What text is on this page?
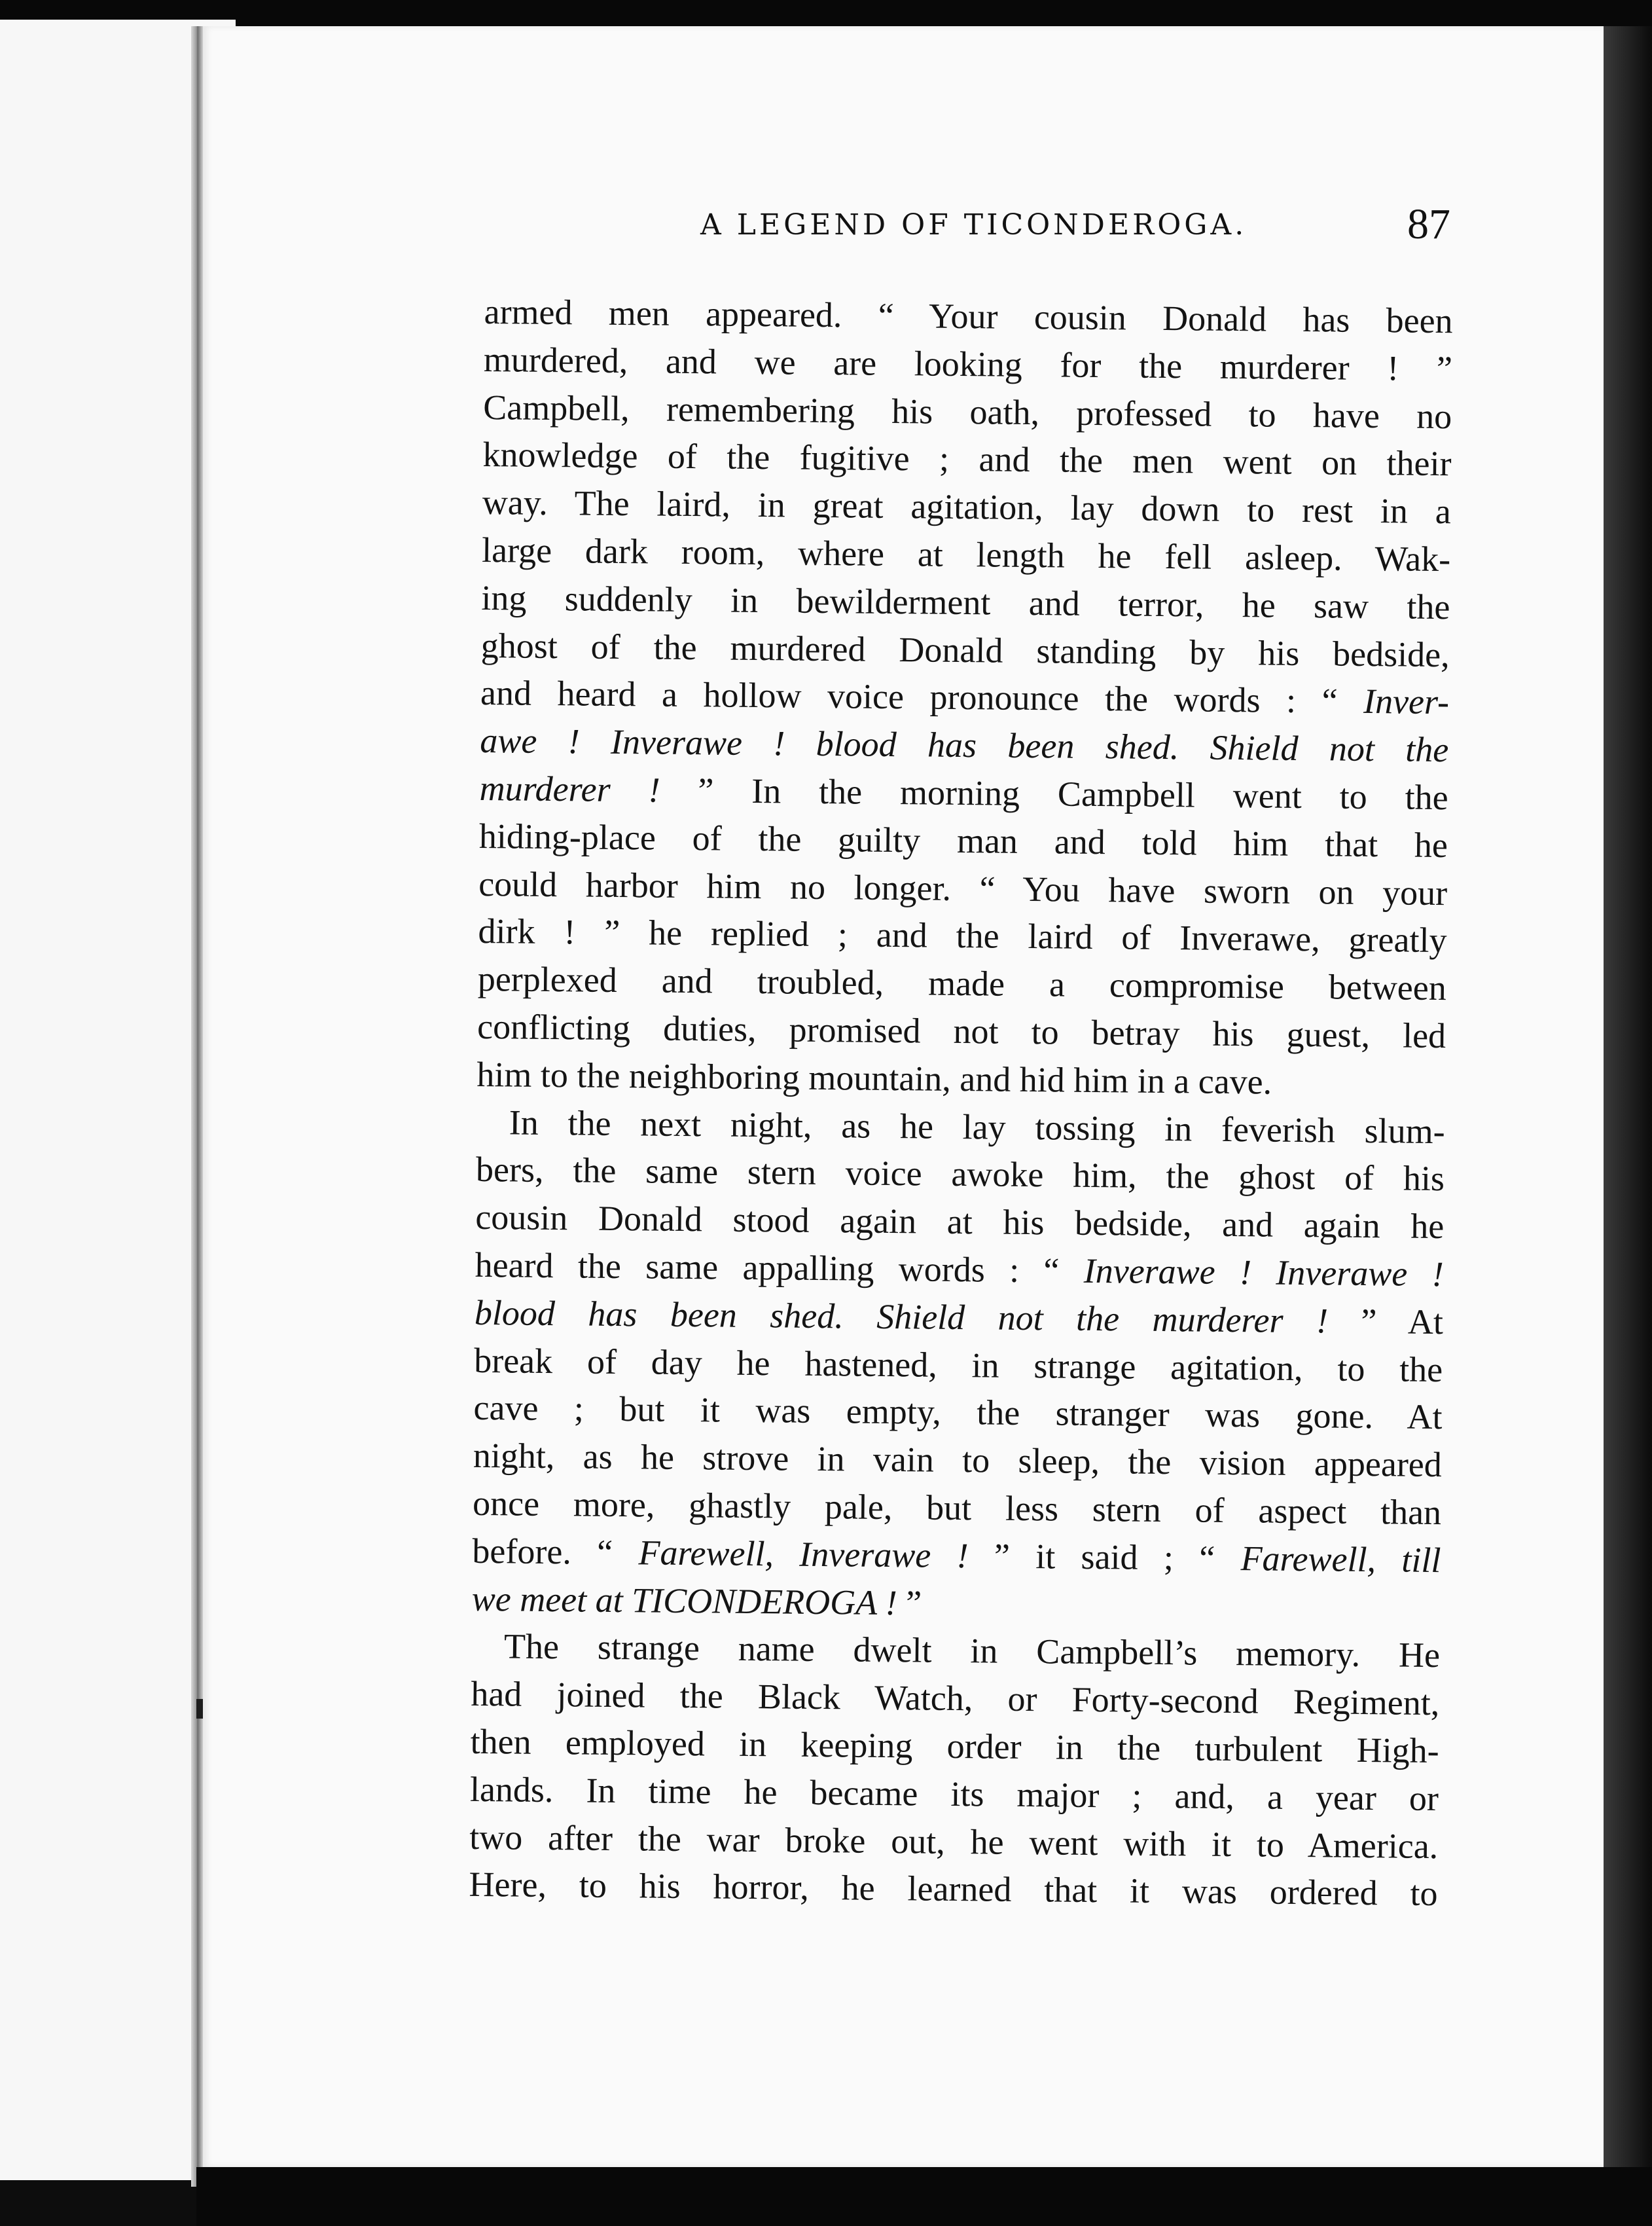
A LEGEND OF TICONDEROGA.	87
armed men appeared. “ Your cousin Donald has been
murdered, and we are looking for the murderer ! ”
Campbell, remembering his oath, professed to have no
knowledge of the fugitive ; and the men went on their
way. The laird, in great agitation, lay down to rest in a
large dark room, where at length he fell asleep. Wak-
ing suddenly in bewilderment and terror, he saw the
ghost of the murdered Donald standing by his bedside,
and heard a hollow voice pronounce the words : “ Inver-
awe ! Inverawe ! blood has been shed. Shield not the
murderer ! ” In the morning Campbell went to the
hiding-place of the guilty man and told him that he
could harbor him no longer. “ You have sworn on your
dirk ! ” he replied ; and the laird of Inverawe, greatly
perplexed and troubled, made a compromise between
conflicting duties, promised not to betray his guest, led
him to the neighboring mountain, and hid him in a cave.
In the next night, as he lay tossing in feverish slum-
bers, the same stern voice awoke him, the ghost of his
cousin Donald stood again at his bedside, and again he
heard the same appalling words : “ Inverawe ! Inverawe !
blood has been shed. Shield not the murderer ! ” At
break of day he hastened, in strange agitation, to the
cave ; but it was empty, the stranger was gone. At
night, as he strove in vain to sleep, the vision appeared
once more, ghastly pale, but less stern of aspect than
before. “ Farewell, Inverawe ! ” it said ; “ Farewell, till
we meet at TICONDEROGA ! ”
The strange name dwelt in Campbell’s memory. He
had joined the Black Watch, or Forty-second Regiment,
then employed in keeping order in the turbulent High-
lands. In time he became its major ; and, a year or
two after the war broke out, he went with it to America.
Here, to his horror, he learned that it was ordered to
